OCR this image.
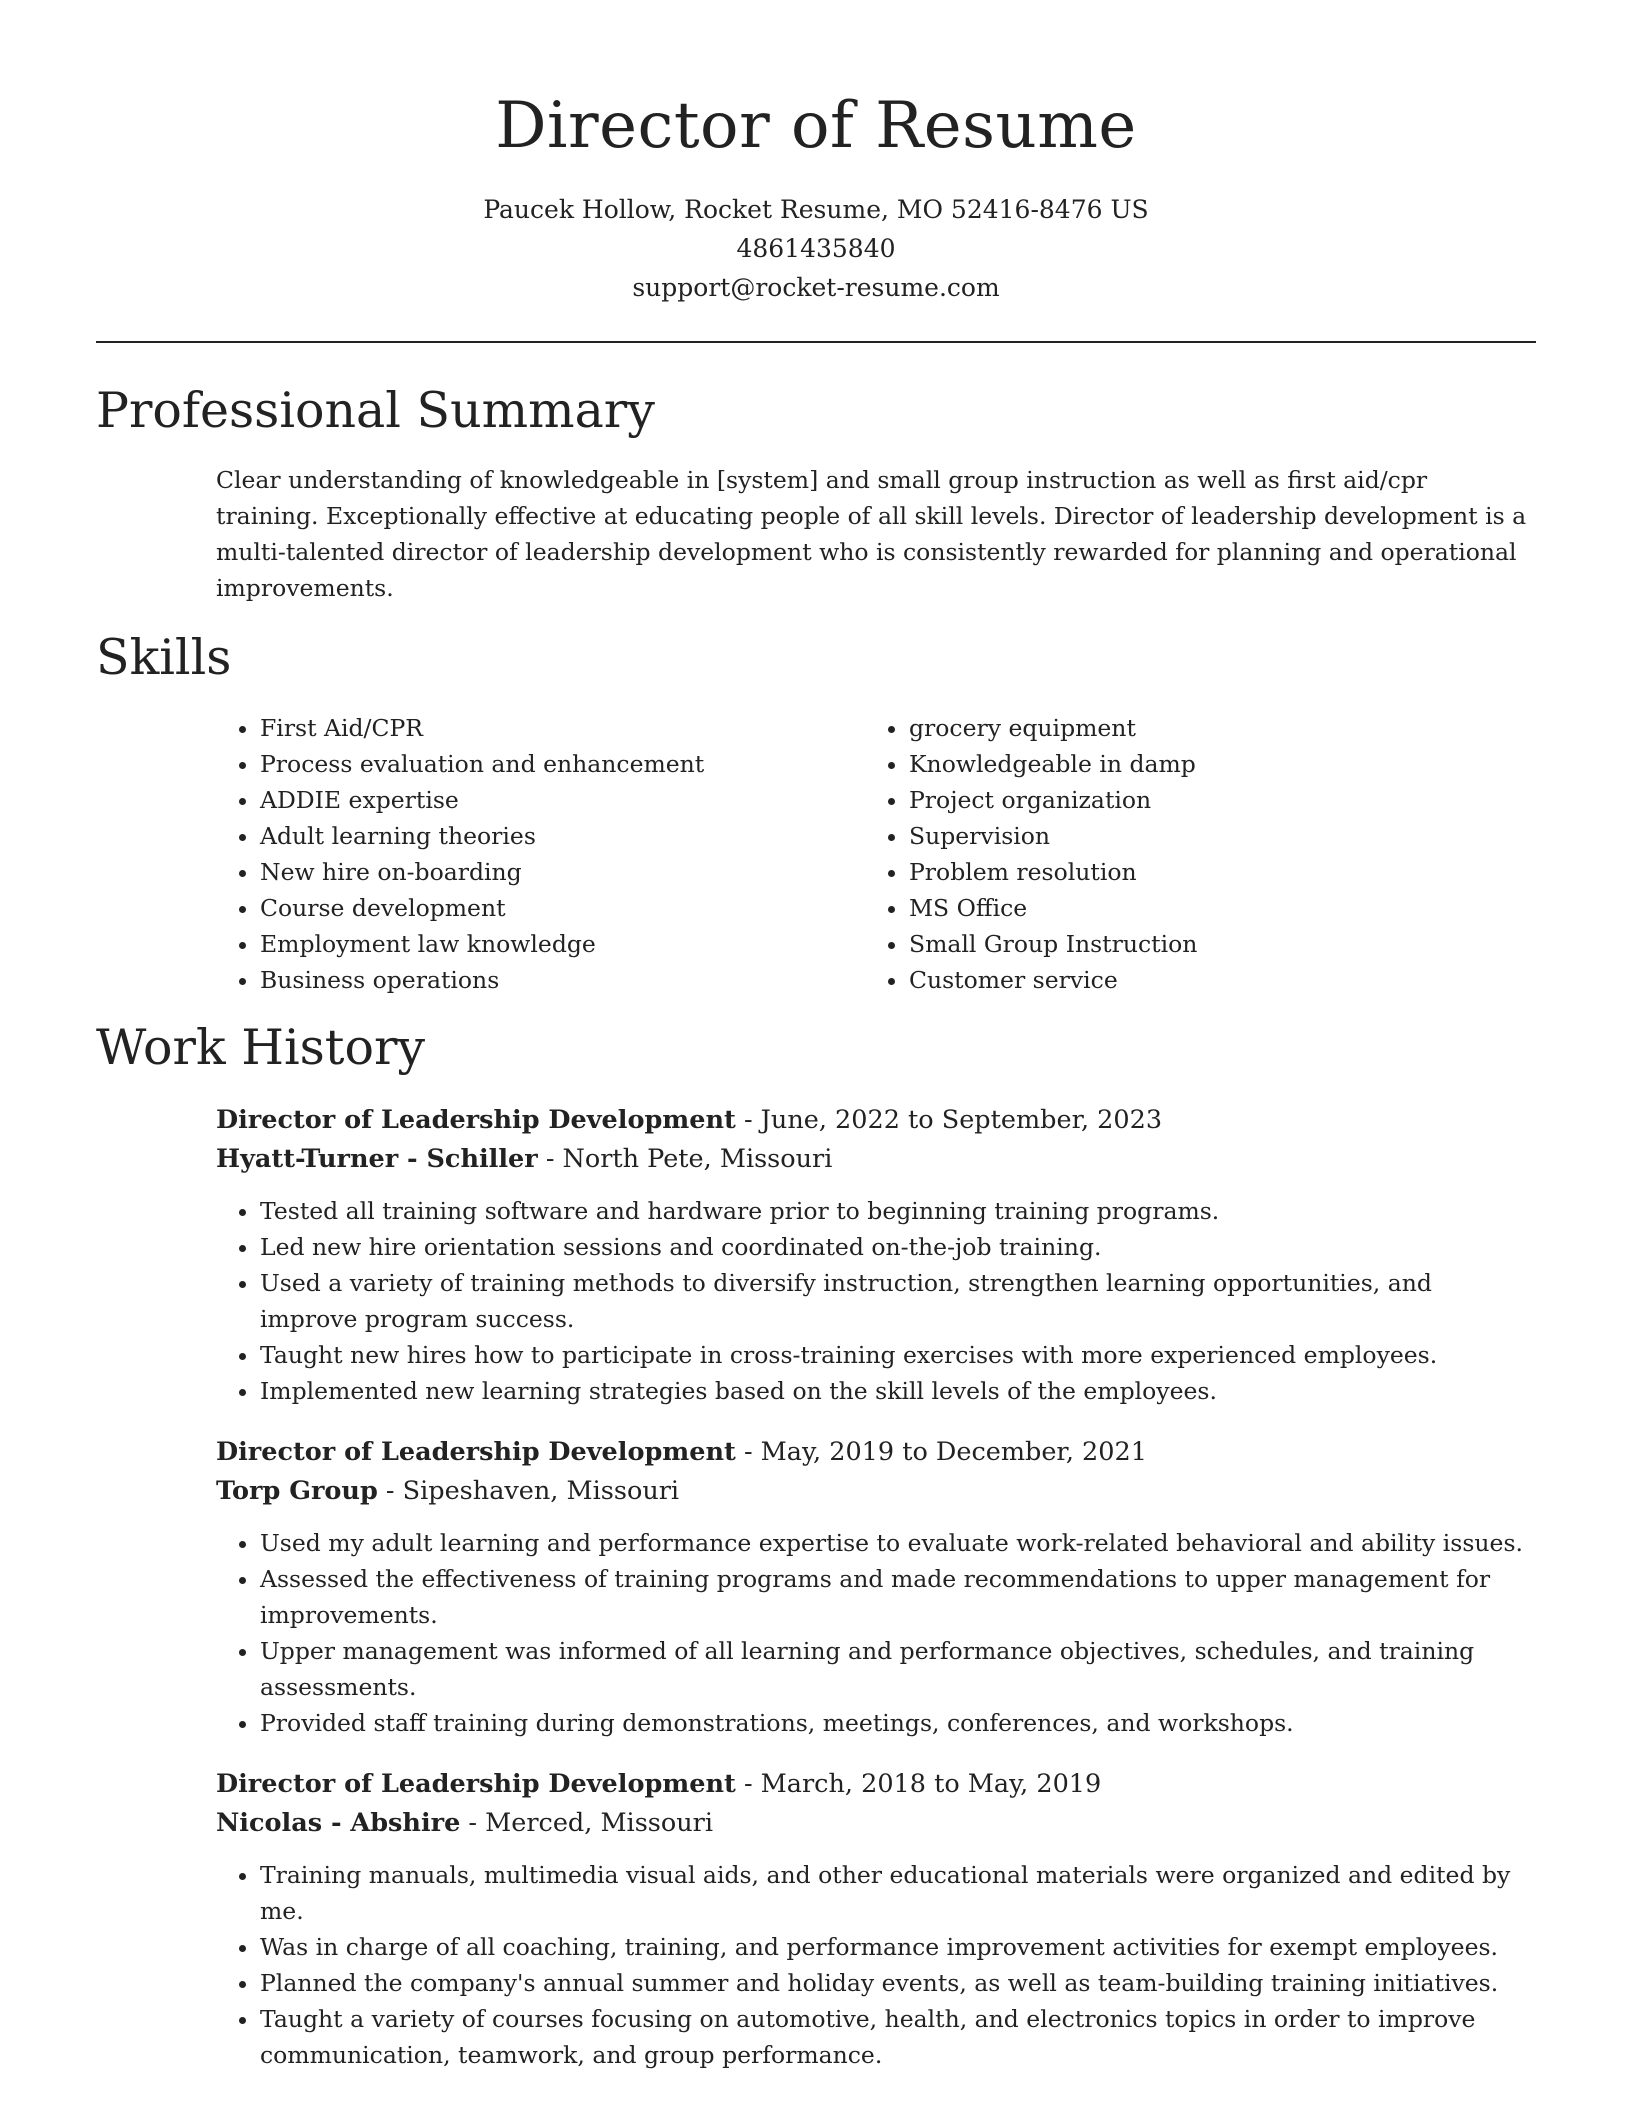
Director of Resume
Paucek Hollow, Rocket Resume, MO 52416-8476 US
4861435840
support@rocket-resume.com
Professional Summary

Clear understanding of knowledgeable in [system] and small group instruction as well as first aid/cpr training. Exceptionally effective at educating people of all skill levels. Director of leadership development is a multi-talented director of leadership development who is consistently rewarded for planning and operational improvements.

Skills
• First Aid/CPR
• Process evaluation and enhancement
• ADDIE expertise
• Adult learning theories
• New hire on-boarding
• Course development
• Employment law knowledge
• Business operations
• grocery equipment
• Knowledgeable in damp
• Project organization
• Supervision
• Problem resolution
• MS Office
• Small Group Instruction
• Customer service
Work History

Director of Leadership Development - June, 2022 to September, 2023

Hyatt-Turner - Schiller - North Pete, Missouri

• Tested all training software and hardware prior to beginning training programs.
• Led new hire orientation sessions and coordinated on-the-job training.
• Used a variety of training methods to diversify instruction, strengthen learning opportunities, and improve program success.
• Taught new hires how to participate in cross-training exercises with more experienced employees.
• Implemented new learning strategies based on the skill levels of the employees.

Director of Leadership Development - May, 2019 to December, 2021

Torp Group - Sipeshaven, Missouri

• Used my adult learning and performance expertise to evaluate work-related behavioral and ability issues.
• Assessed the effectiveness of training programs and made recommendations to upper management for improvements.
• Upper management was informed of all learning and performance objectives, schedules, and training assessments.
• Provided staff training during demonstrations, meetings, conferences, and workshops.

Director of Leadership Development - March, 2018 to May, 2019

Nicolas - Abshire - Merced, Missouri

• Training manuals, multimedia visual aids, and other educational materials were organized and edited by me.
• Was in charge of all coaching, training, and performance improvement activities for exempt employees.
• Planned the company's annual summer and holiday events, as well as team-building training initiatives.
• Taught a variety of courses focusing on automotive, health, and electronics topics in order to improve communication, teamwork, and group performance.
